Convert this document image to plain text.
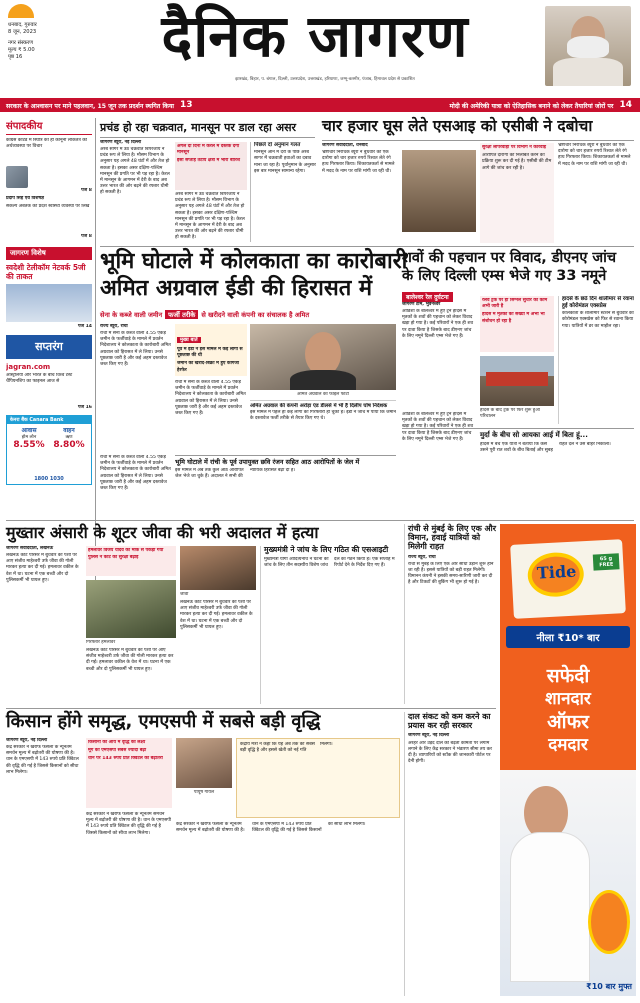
धनबाद, गुरुवार
8 जून, 2023
नगर संस्करण
मूल्य ₹ 5.00
पृष्ठ 16	दैनिक जागरण
झारखंड, बिहार, प. बंगाल, दिल्ली, उत्तरप्रदेश, उत्तराखंड, हरियाणा, जम्मू-कश्मीर, पंजाब, हिमाचल प्रदेश से प्रकाशित
सरकार के आश्वासन पर माने पहलवान, 15 जून तक प्रदर्शन स्थगित किया 13	मोदी की अमेरिकी यात्रा को ऐतिहासिक बनाने को लेकर तैयारियां जोरों पर 14
संपादकीय
कांग्रेस कोटेड में स्थित्रि को ही कानूनी लोकतंत्र की अर्थव्यवस्था पर विचार
पेज 8
प्रदीप सिंह एवं विशेषज्ञ
संकल्प अबतक की प्रदेश स्वास्थ्य व्यवस्था पर लिखें
पेज 8
जागरण विशेष
स्वदेशी टेलीकॉम नेटवर्क 5जी की ताकत
पेज 14
सप्तरंग
jagran.com
आस्ट्रेलिया और भारत के बीच विश्व टेस्ट चैंपियनशिप का फाइनल आज से
पेज 16
केनरा बैंक Canara Bank
आवास
होम लोन
8.55%
वाहन
ऋण
8.80%
1800 1030
प्रचंड हो रहा चक्रवात, मानसून पर डाल रहा असर
जागरण ब्यूरो, नई दिल्ली
अरब सागर में उठे चक्रवात बिपरजाय ने प्रचंड रूप ले लिया है। मौसम विभाग के अनुसार यह अगले 48 घंटों में और तेज हो सकता है। इसका असर दक्षिण-पश्चिम मानसून की प्रगति पर भी पड़ रहा है। केरल में मानसून के आगमन में देरी के बाद अब उत्तर भारत की ओर बढ़ने की रफ्तार धीमी हो सकती है।
अगले दो दिनों में केरल में दस्तक देगा मानसून
इसी सप्ताह तटीय क्षेत्रों में भारी बारिश
अरब सागर में उठे चक्रवात बिपरजाय ने प्रचंड रूप ले लिया है। मौसम विभाग के अनुसार यह अगले 48 घंटों में और तेज हो सकता है। इसका असर दक्षिण-पश्चिम मानसून की प्रगति पर भी पड़ रहा है। केरल में मानसून के आगमन में देरी के बाद अब उत्तर भारत की ओर बढ़ने की रफ्तार धीमी हो सकती है।
पिछले दो अनुमान गलत
मानसून आने में देरी के पीछे अरब सागर में चक्रवाती हवाओं का दबाव माना जा रहा है। पूर्वानुमान के अनुसार इस बार मानसून सामान्य रहेगा।
चार हजार घूस लेते एसआइ को एसीबी ने दबोचा
जागरण संवाददाता, धनबाद
भ्रष्टाचार निरोधक ब्यूरो ने बुधवार को एक दारोगा को चार हजार रुपये रिश्वत लेते रंगे हाथ गिरफ्तार किया। शिकायतकर्ता से मामले में मदद के नाम पर राशि मांगी जा रही थी।
सुरक्षा लापरवाही पर विभाग ने कार्रवाई
आरोपित दारोगा को निलंबित करने की प्रक्रिया शुरू कर दी गई है। एसीबी की टीम आगे की जांच कर रही है।
भ्रष्टाचार निरोधक ब्यूरो ने बुधवार को एक दारोगा को चार हजार रुपये रिश्वत लेते रंगे हाथ गिरफ्तार किया। शिकायतकर्ता से मामले में मदद के नाम पर राशि मांगी जा रही थी।
भूमि घोटाले में कोलकाता का कारोबारी
अमित अग्रवाल ईडी की हिरासत में
सेना के कब्जे वाली जमीन फर्जी तरीके से खरीदने वाली कंपनी का संचालक है अमित
राज्य ब्यूरो, रांची
रांची में सेना के कब्जे वाली 4.55 एकड़ जमीन के फर्जीवाड़े के मामले में प्रवर्तन निदेशालय ने कोलकाता के कारोबारी अमित अग्रवाल को हिरासत में ले लिया। उनसे पूछताछ जारी है और कई अहम दस्तावेज जब्त किए गए हैं।
मुख्य बातें
पूर्व में ईडी ने इस मामले में कई लोगों से पूछताछ की थी
जमीन की खरीद-बिक्री में हुए कागजी हेरफेर
रांची में सेना के कब्जे वाली 4.55 एकड़ जमीन के फर्जीवाड़े के मामले में प्रवर्तन निदेशालय ने कोलकाता के कारोबारी अमित अग्रवाल को हिरासत में ले लिया। उनसे पूछताछ जारी है और कई अहम दस्तावेज जब्त किए गए हैं।
अमित अग्रवाल का फाइल फोटो
अमित अग्रवाल की कंपनी अरोड़ा एंड डीलर्स में भी है दिलीप घोष निदेशक
इस मामले में पहले ही कई लोगों की गिरफ्तारी हो चुकी है। ईडी ने जांच में पाया कि जमीन के दस्तावेज फर्जी तरीके से तैयार किए गए थे।
भूमि घोटाले में रांची के पूर्व उपायुक्त छवि रंजन सहित आठ आरोपितों के जेल में
इस मामले में अब तक कुल आठ आरोपित जेल भेजे जा चुके हैं। अदालत ने सभी की न्यायिक हिरासत बढ़ा दी है।
रांची में सेना के कब्जे वाली 4.55 एकड़ जमीन के फर्जीवाड़े के मामले में प्रवर्तन निदेशालय ने कोलकाता के कारोबारी अमित अग्रवाल को हिरासत में ले लिया। उनसे पूछताछ जारी है और कई अहम दस्तावेज जब्त किए गए हैं।
शवों की पहचान पर विवाद, डीएनए जांच
के लिए दिल्ली एम्स भेजे गए 33 नमूने
बालेश्वर रेल दुर्घटना
जागरण टीम, भुवनेश्वर
ओडिशा के बालेश्वर में हुए ट्रेन हादसे में मृतकों के शवों की पहचान को लेकर विवाद खड़ा हो गया है। कई परिवारों ने एक ही शव पर दावा किया है जिसके बाद डीएनए जांच के लिए नमूने दिल्ली एम्स भेजे गए हैं।
रेलवे ट्रैक पर ही सिग्नल सुधार का काम अभी जारी है
हादसे में मृतकों की संख्या में अभी भी संशोधन हो रहा है
हादसे के छठे दिन शालीमार से रवाना हुई कोरोमंडल एक्सप्रेस
कोलकाता के शालीमार स्टेशन से बुधवार को कोरोमंडल एक्सप्रेस को फिर से रवाना किया गया। यात्रियों में डर का माहौल रहा।
हादसे के बाद ट्रैक पर फिर शुरू हुआ परिचालन
मुर्दा के बीच सो आयका आई में बिता हूं...
हादसे में बचे एक यात्री ने बताया कि कैसे उसने पूरी रात शवों के बीच बिताई और सुबह राहत दल ने उसे बाहर निकाला।
ओडिशा के बालेश्वर में हुए ट्रेन हादसे में मृतकों के शवों की पहचान को लेकर विवाद खड़ा हो गया है। कई परिवारों ने एक ही शव पर दावा किया है जिसके बाद डीएनए जांच के लिए नमूने दिल्ली एम्स भेजे गए हैं।
मुख्तार अंसारी के शूटर जीवा की भरी अदालत में हत्या
जागरण संवाददाता, लखनऊ
लखनऊ कोर्ट परिसर में बुधवार को पेशी पर आए संजीव माहेश्वरी उर्फ जीवा की गोली मारकर हत्या कर दी गई। हमलावर वकील के वेश में था। घटना में एक बच्ची और दो पुलिसकर्मी भी घायल हुए।
हमलावर विजय यादव को मौके से पकड़ा गया
पुलिस ने कोर्ट की सुरक्षा बढ़ाई
गिरफ्तार हमलावर
लखनऊ कोर्ट परिसर में बुधवार को पेशी पर आए संजीव माहेश्वरी उर्फ जीवा की गोली मारकर हत्या कर दी गई। हमलावर वकील के वेश में था। घटना में एक बच्ची और दो पुलिसकर्मी भी घायल हुए।
जीवा
लखनऊ कोर्ट परिसर में बुधवार को पेशी पर आए संजीव माहेश्वरी उर्फ जीवा की गोली मारकर हत्या कर दी गई। हमलावर वकील के वेश में था। घटना में एक बच्ची और दो पुलिसकर्मी भी घायल हुए।
मुख्यमंत्री ने जांच के लिए गठित की एसआइटी
मुख्यमंत्री योगी आदित्यनाथ ने घटना की जांच के लिए तीन सदस्यीय विशेष जांच दल का गठन किया है। एक सप्ताह में रिपोर्ट देने के निर्देश दिए गए हैं।
रांची से मुंबई के लिए एक और विमान, हवाई यात्रियों को मिलेगी राहत
राज्य ब्यूरो, रांची
रांची से मुंबई के लिए एक और सीधी उड़ान शुरू होने जा रही है। इससे यात्रियों को बड़ी राहत मिलेगी। विमानन कंपनी ने इसकी समय-सारिणी जारी कर दी है और टिकटों की बुकिंग भी शुरू हो गई है।
Tide
65 g FREE
नीला ₹10* बार
सफेदी
शानदार
ऑफर
दमदार
₹10 बार मुफ्त
किसान होंगे समृद्ध, एमएसपी में सबसे बड़ी वृद्धि
जागरण ब्यूरो, नई दिल्ली
केंद्र सरकार ने खरीफ फसलों के न्यूनतम समर्थन मूल्य में बढ़ोतरी की घोषणा की है। धान के एमएसपी में 143 रुपये प्रति क्विंटल की वृद्धि की गई है जिससे किसानों को सीधा लाभ मिलेगा।
किसानों की आय में वृद्धि का लक्ष्य
मूंग का एमएसपी सबसे ज्यादा बढ़ा
धान पर 143 रुपये प्रति क्विंटल की बढ़ोतरी
केंद्र सरकार ने खरीफ फसलों के न्यूनतम समर्थन मूल्य में बढ़ोतरी की घोषणा की है। धान के एमएसपी में 143 रुपये प्रति क्विंटल की वृद्धि की गई है जिससे किसानों को सीधा लाभ मिलेगा।
पीयूष गोयल
केंद्रीय मंत्री ने कहा कि यह अब तक की सबसे बड़ी वृद्धि है और इससे खेती को नई गति मिलेगी।
केंद्र सरकार ने खरीफ फसलों के न्यूनतम समर्थन मूल्य में बढ़ोतरी की घोषणा की है। धान के एमएसपी में 143 रुपये प्रति क्विंटल की वृद्धि की गई है जिससे किसानों को सीधा लाभ मिलेगा।
दाल संकट को कम करने का प्रयास कर रही सरकार
जागरण ब्यूरो, नई दिल्ली
अरहर और उड़द दाल की बढ़ती कीमतों पर लगाम लगाने के लिए केंद्र सरकार ने भंडारण सीमा तय कर दी है। व्यापारियों को स्टॉक की जानकारी पोर्टल पर देनी होगी।
